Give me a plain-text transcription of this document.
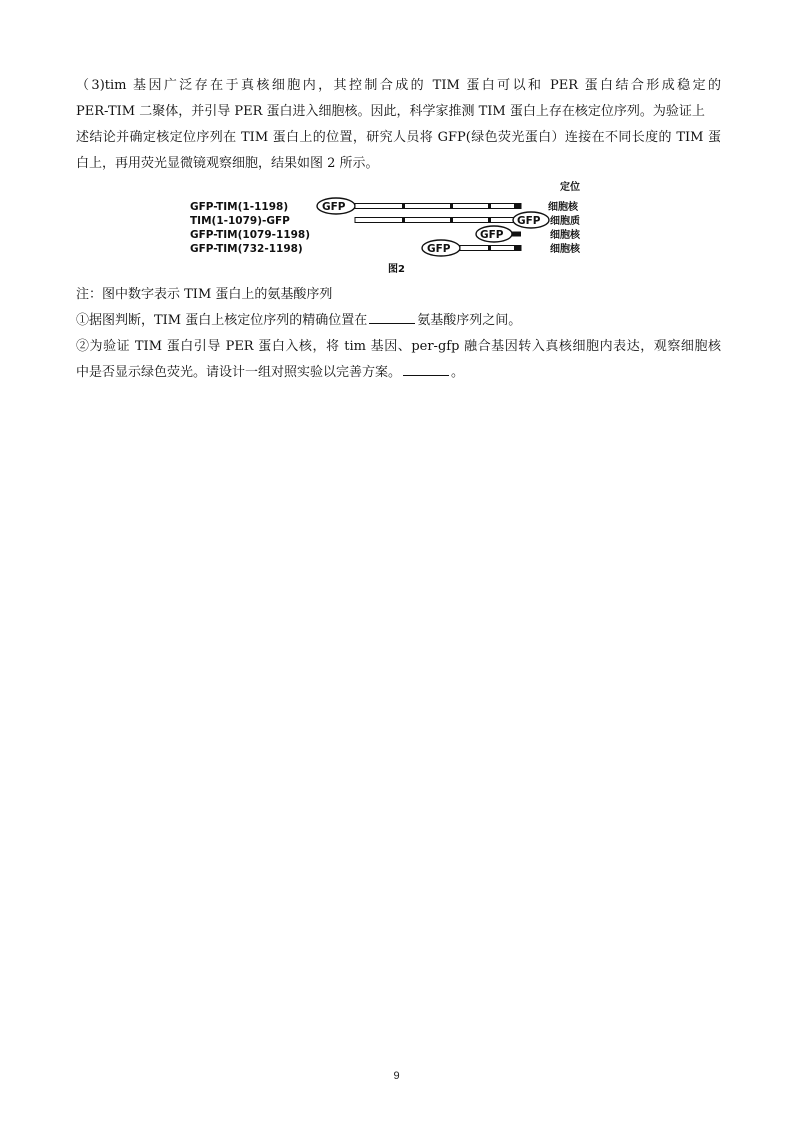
（3)tim 基因广泛存在于真核细胞内，其控制合成的 TIM 蛋白可以和 PER 蛋白结合形成稳定的
PER-TIM 二聚体，并引导 PER 蛋白进入细胞核。因此，科学家推测 TIM 蛋白上存在核定位序列。为验证上
述结论并确定核定位序列在 TIM 蛋白上的位置，研究人员将 GFP(绿色荧光蛋白）连接在不同长度的 TIM 蛋
白上，再用荧光显微镜观察细胞，结果如图 2 所示。
定位
GFP-TIM(1-1198)	GFP	细胞核
TIM(1-1079)-GFP	GFP 细胞质
GFP-TIM(1079-1198)	GFP	细胞核
GFP-TIM(732-1198)	GFP	细胞核
图2

注：图中数字表示 TIM 蛋白上的氨基酸序列

①据图判断，TIM 蛋白上核定位序列的精确位置在	氨基酸序列之间。

②为验证 TIM 蛋白引导 PER 蛋白入核，将 tim 基因、per-gfp 融合基因转入真核细胞内表达，观察细胞核
中是否显示绿色荧光。请设计一组对照实验以完善方案。	。
9
